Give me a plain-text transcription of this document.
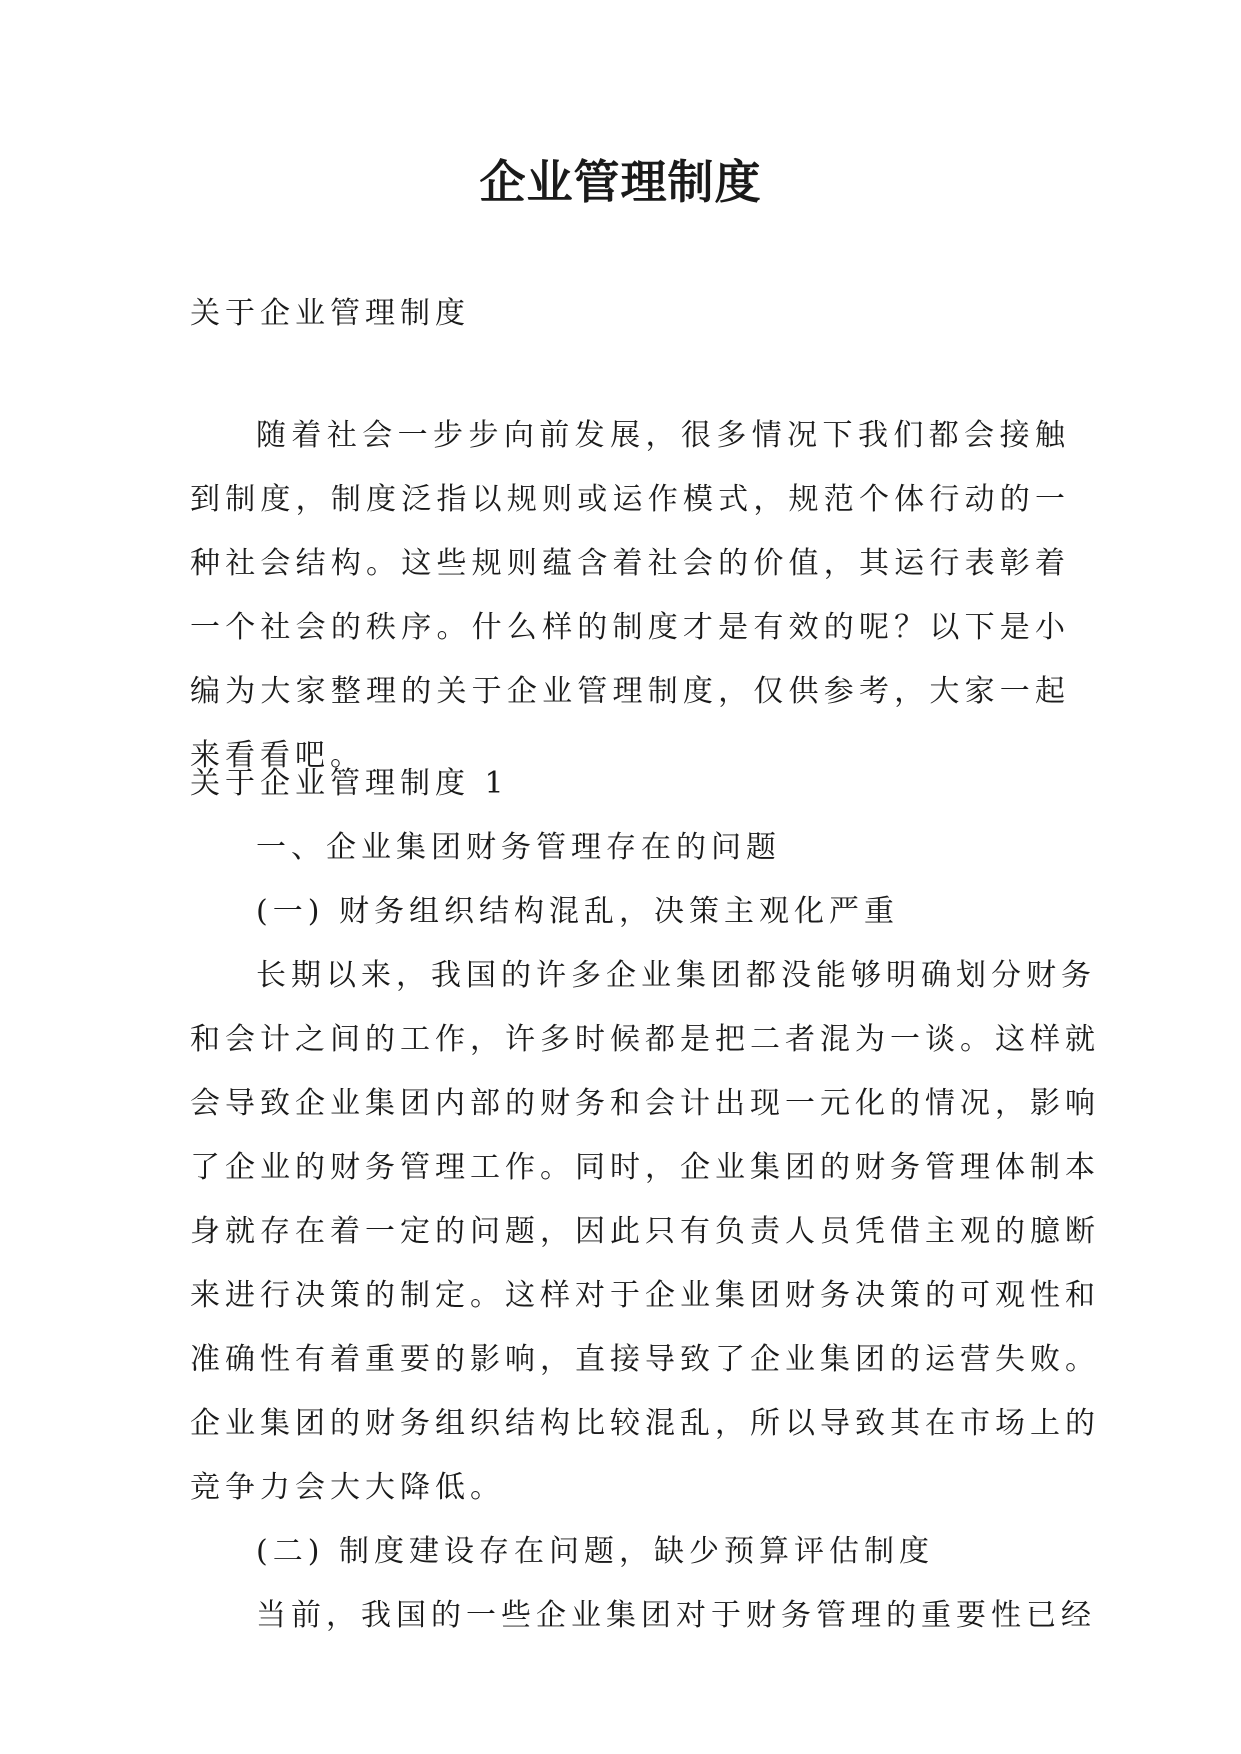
企业管理制度
关于企业管理制度
随着社会一步步向前发展，很多情况下我们都会接触到制度，制度泛指以规则或运作模式，规范个体行动的一种社会结构。这些规则蕴含着社会的价值，其运行表彰着一个社会的秩序。什么样的制度才是有效的呢？以下是小编为大家整理的关于企业管理制度，仅供参考，大家一起来看看吧。
关于企业管理制度 1
一、企业集团财务管理存在的问题
(一) 财务组织结构混乱，决策主观化严重
长期以来，我国的许多企业集团都没能够明确划分财务
和会计之间的工作，许多时候都是把二者混为一谈。这样就
会导致企业集团内部的财务和会计出现一元化的情况，影响
了企业的财务管理工作。同时，企业集团的财务管理体制本
身就存在着一定的问题，因此只有负责人员凭借主观的臆断
来进行决策的制定。这样对于企业集团财务决策的可观性和
准确性有着重要的影响，直接导致了企业集团的运营失败。
企业集团的财务组织结构比较混乱，所以导致其在市场上的
竞争力会大大降低。
(二) 制度建设存在问题，缺少预算评估制度
当前，我国的一些企业集团对于财务管理的重要性已经
